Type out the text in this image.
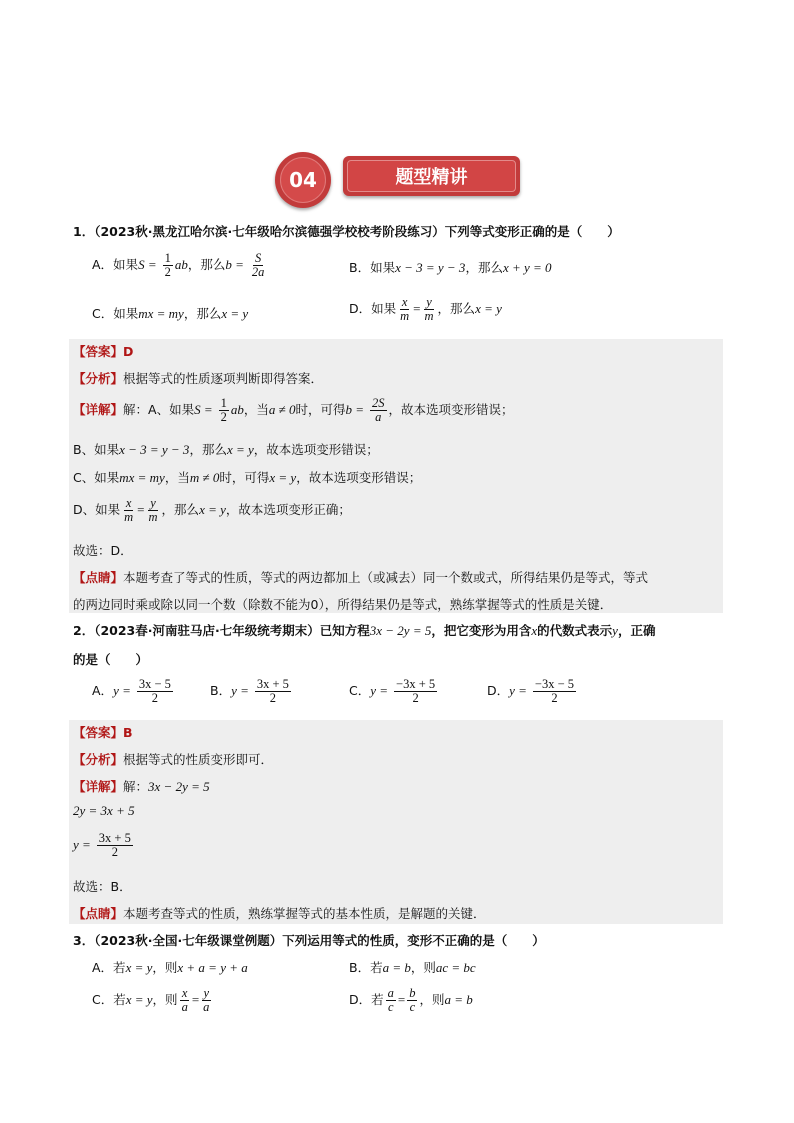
04	题型精讲
1．（2023秋·黑龙江哈尔滨·七年级哈尔滨德强学校校考阶段练习）下列等式变形正确的是（　　）
A．如果$S = \frac{1}{2}$ ab，那么$b = \frac{S}{2a}$	B．如果x − 3 = y − 3，那么x + y = 0
C．如果mx = my，那么x = y	D．如果 $\frac{x}{m} = \frac{y}{m}$ ，那么x = y
【答案】D
【分析】根据等式的性质逐项判断即得答案．
【详解】解：A、如果$S = \frac{1}{2}$ ab，当a ≠ 0时，可得$b = \frac{2S}{a}$ ，故本选项变形错误；
B、如果x − 3 = y − 3，那么x = y，故本选项变形错误；
C、如果mx = my，当m ≠ 0时，可得x = y，故本选项变形错误；
D、如果 $\frac{x}{m} = \frac{y}{m}$ ，那么x = y，故本选项变形正确；
故选：D．
【点睛】本题考查了等式的性质，等式的两边都加上（或减去）同一个数或式，所得结果仍是等式，等式
的两边同时乘或除以同一个数（除数不能为0），所得结果仍是等式，熟练掌握等式的性质是关键．
2．（2023春·河南驻马店·七年级统考期末）已知方程3x − 2y = 5，把它变形为用含x的代数式表示y，正确
的是（　　）
A．$y = \frac{3x - 5}{2}$	B．$y = \frac{3x + 5}{2}$	C．$y = \frac{-3x + 5}{2}$	D．$y = \frac{-3x - 5}{2}$
【答案】B
【分析】根据等式的性质变形即可．
【详解】解：3x − 2y = 5
2y = 3x + 5
$y = \frac{3x + 5}{2}$
故选：B．
【点睛】本题考查等式的性质，熟练掌握等式的基本性质，是解题的关键．
3．（2023秋·全国·七年级课堂例题）下列运用等式的性质，变形不正确的是（　　）
A．若x = y，则x + a = y + a	B．若a = b，则ac = bc
C．若x = y，则 $\frac{x}{a} = \frac{y}{a}$	D．若 $\frac{a}{c} = \frac{b}{c}$ ，则a = b
